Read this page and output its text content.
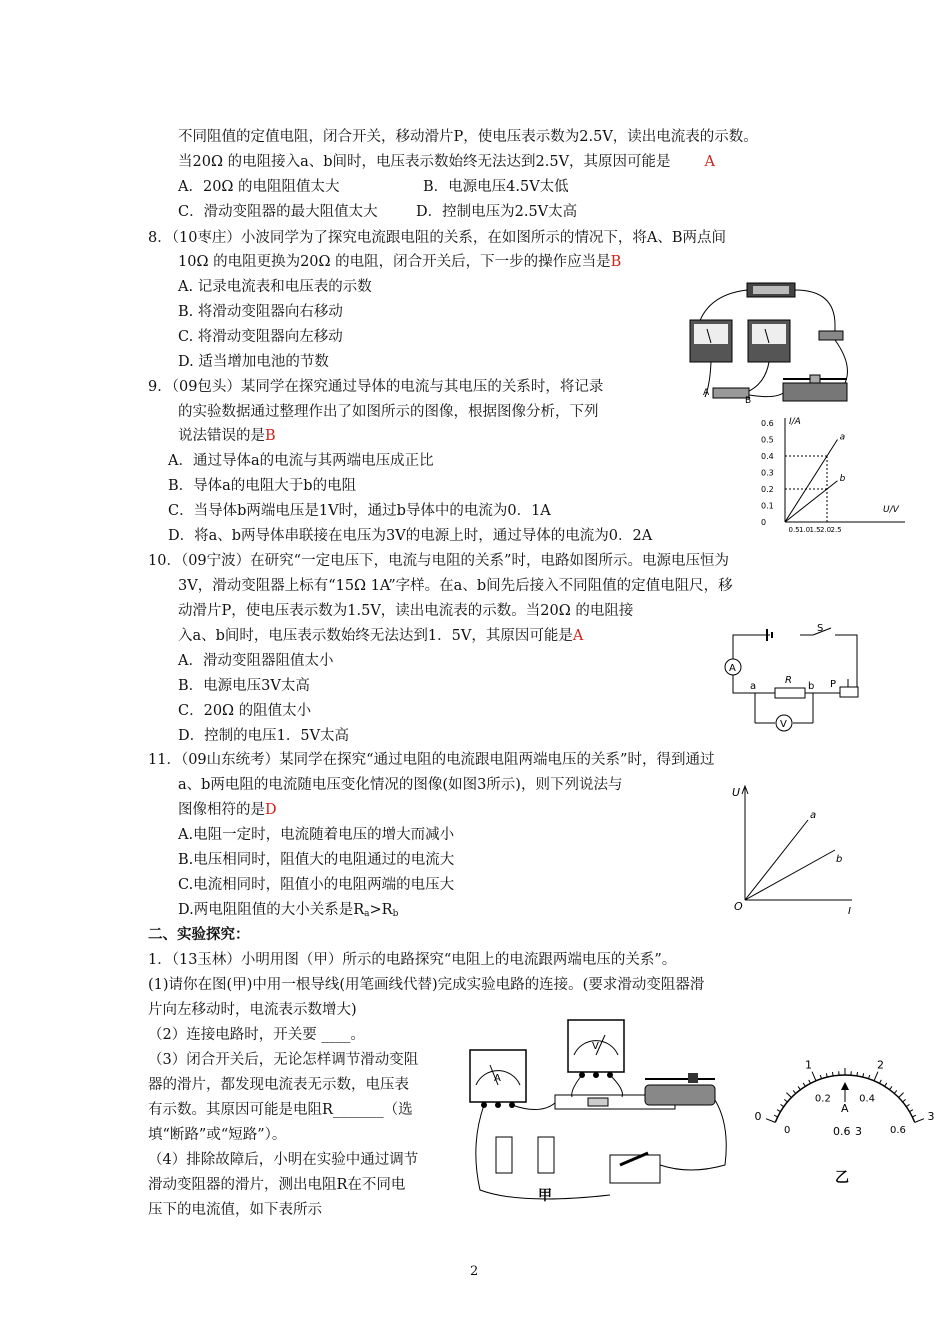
不同阻值的定值电阻，闭合开关，移动滑片P，使电压表示数为2.5V，读出电流表的示数。
当20Ω 的电阻接入a、b间时，电压表示数始终无法达到2.5V，其原因可能是 A
A．20Ω 的电阻阻值太大	B．电源电压4.5V太低
C．滑动变阻器的最大阻值太大	D．控制电压为2.5V太高
8．（10枣庄）小波同学为了探究电流跟电阻的关系，在如图所示的情况下，将A、B两点间
10Ω 的电阻更换为20Ω 的电阻，闭合开关后，下一步的操作应当是B
A. 记录电流表和电压表的示数
B. 将滑动变阻器向右移动
C. 将滑动变阻器向左移动
D. 适当增加电池的节数
9．（09包头）某同学在探究通过导体的电流与其电压的关系时，将记录
的实验数据通过整理作出了如图所示的图像，根据图像分析，下列
说法错误的是B
A．通过导体a的电流与其两端电压成正比
B．导体a的电阻大于b的电阻
C．当导体b两端电压是1V时，通过b导体中的电流为0．1A
D．将a、b两导体串联接在电压为3V的电源上时，通过导体的电流为0．2A
10．（09宁波）在研究“一定电压下，电流与电阻的关系”时，电路如图所示。电源电压恒为
3V，滑动变阻器上标有“15Ω 1A”字样。在a、b间先后接入不同阻值的定值电阻尺，移
动滑片P，使电压表示数为1.5V，读出电流表的示数。当20Ω 的电阻接
入a、b间时，电压表示数始终无法达到1．5V，其原因可能是A
A．滑动变阻器阻值太小
B．电源电压3V太高
C．20Ω 的阻值太小
D．控制的电压1．5V太高
11．（09山东统考）某同学在探究“通过电阻的电流跟电阻两端电压的关系”时，得到通过
a、b两电阻的电流随电压变化情况的图像(如图3所示)，则下列说法与
图像相符的是D
A.电阻一定时，电流随着电压的增大而减小
B.电压相同时，阻值大的电阻通过的电流大
C.电流相同时，阻值小的电阻两端的电压大
D.两电阻阻值的大小关系是$R_a>R_b$
二、实验探究：
1．（13玉林）小明用图（甲）所示的电路探究“电阻上的电流跟两端电压的关系”。
(1)请你在图(甲)中用一根导线(用笔画线代替)完成实验电路的连接。(要求滑动变阻器滑
片向左移动时，电流表示数增大)
（2）连接电路时，开关要 ____。
（3）闭合开关后，无论怎样调节滑动变阻
器的滑片，都发现电流表无示数，电压表
有示数。其原因可能是电阻R_______（选
填“断路”或“短路”）。
（4）排除故障后，小明在实验中通过调节
滑动变阻器的滑片，测出电阻R在不同电
压下的电流值，如下表所示
2
A
B
I/A
U/V
0.6
0.5
0.4
0.3
0.2
0.1
0
0.5 1.0 1.5 2.0 2.5
a
b
S
A
R
a	b P
V
U
I
O
a
b
A
V
甲
0
1	2
3
0
0.2	0.4
0.6
A
0.6 3
乙
